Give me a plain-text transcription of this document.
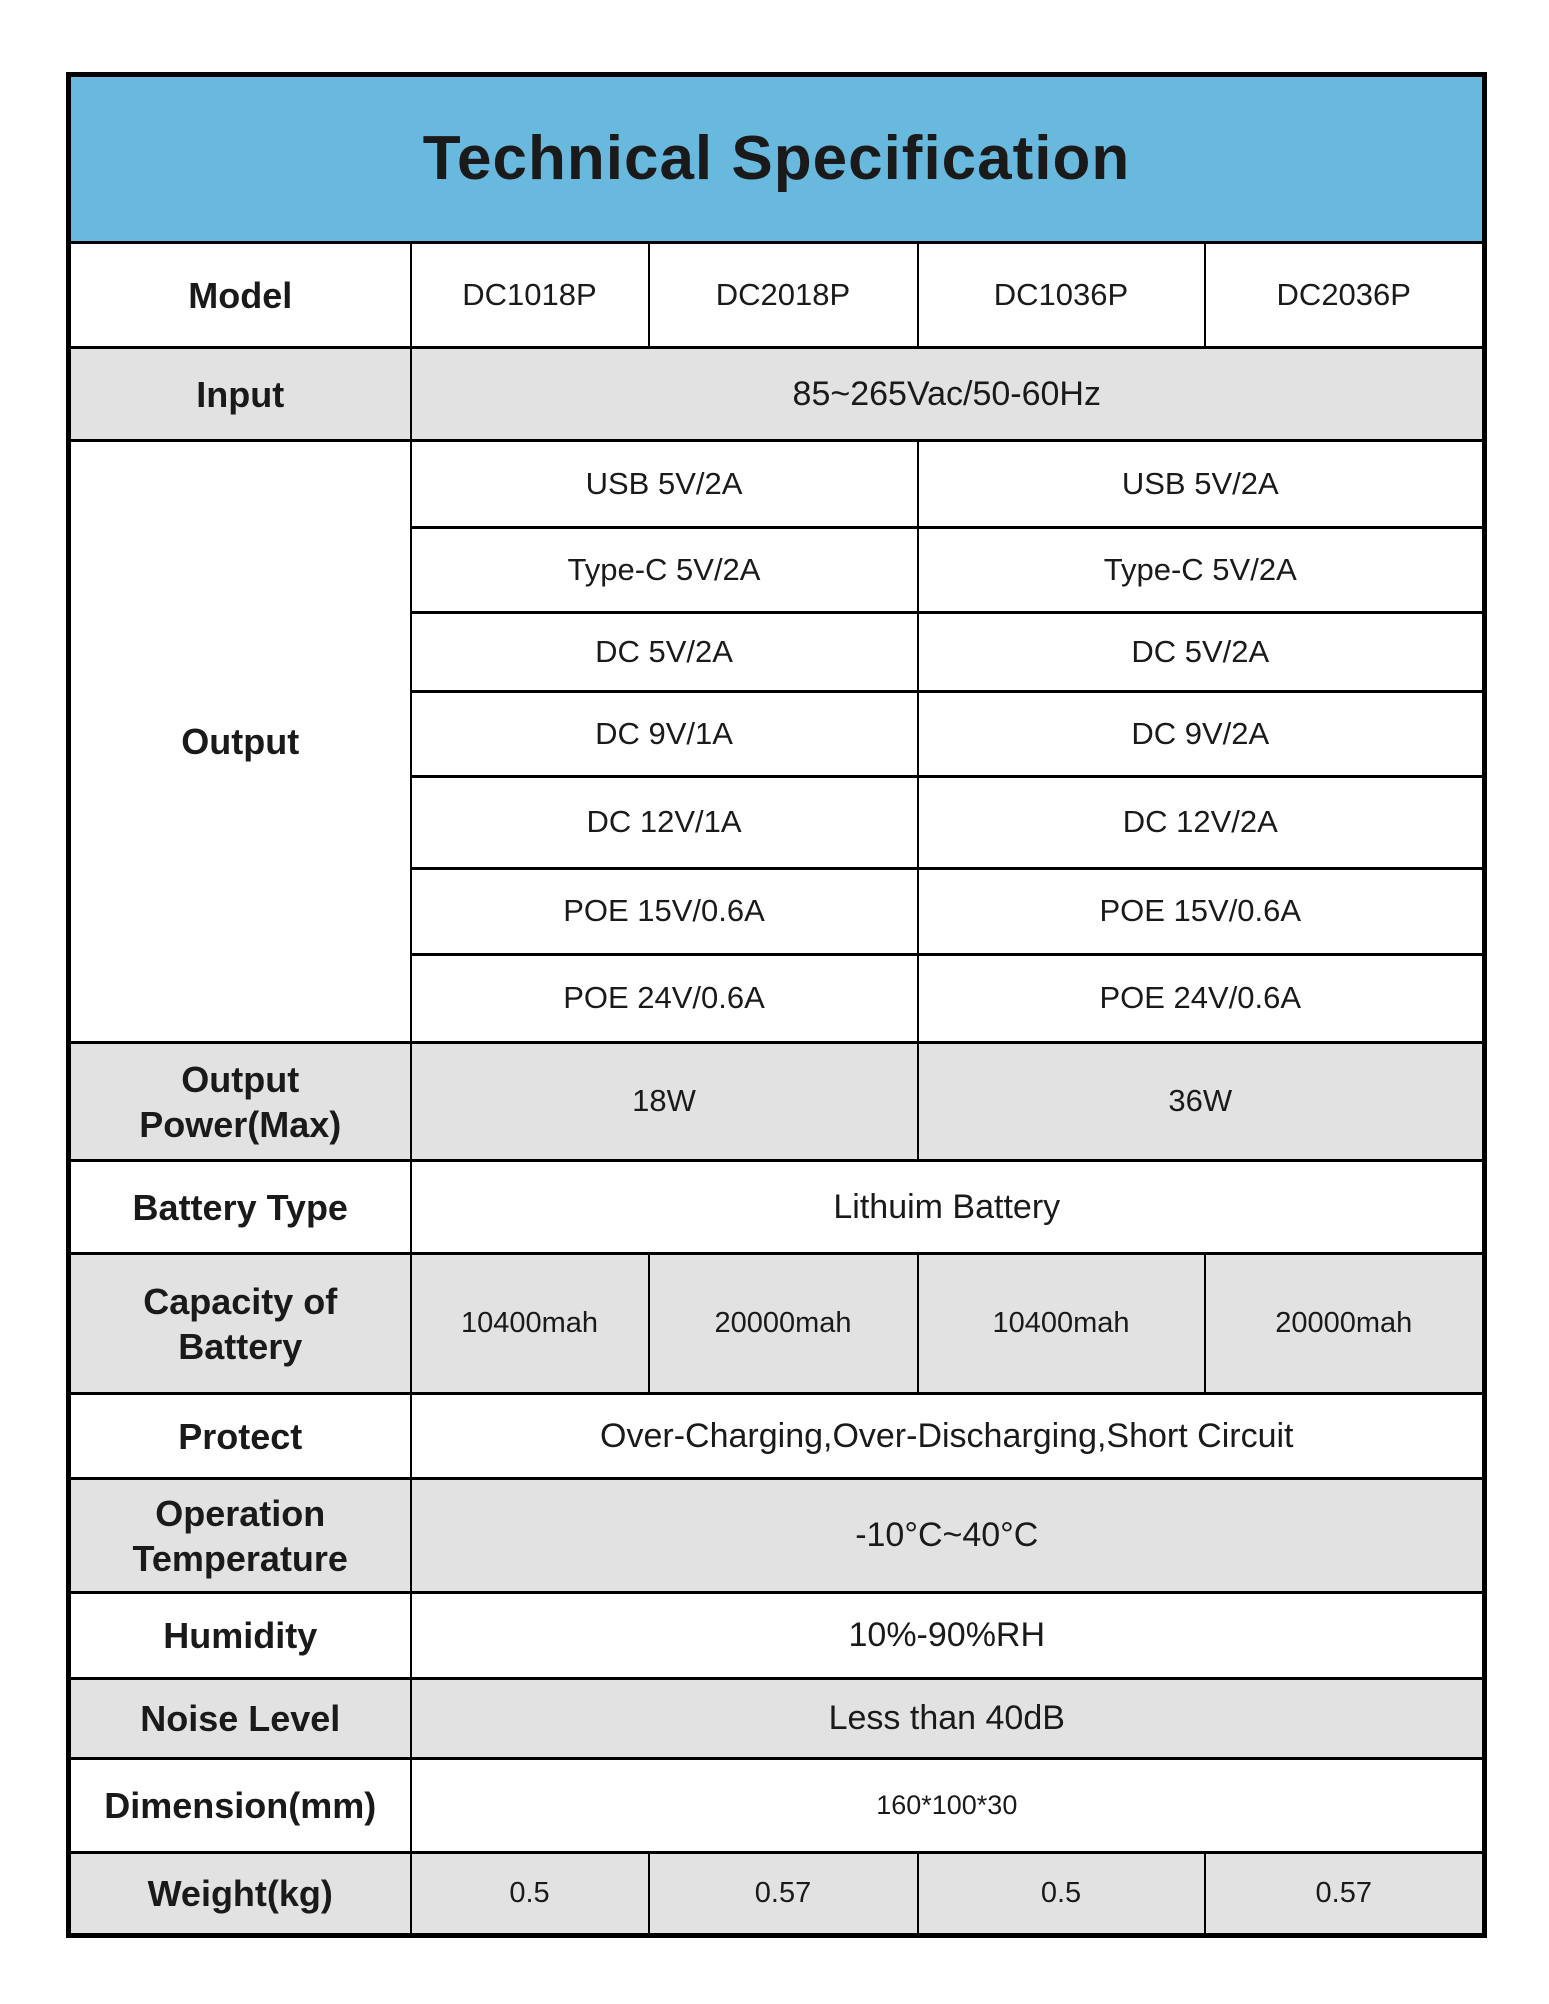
Technical Specification				
Model	DC1018P	DC2018P	DC1036P	DC2036P
Input	85~265Vac/50-60Hz			
Output	USB 5V/2A		USB 5V/2A	
	Type-C 5V/2A		Type-C 5V/2A	
	DC 5V/2A		DC 5V/2A	
	DC 9V/1A		DC 9V/2A	
	DC 12V/1A		DC 12V/2A	
	POE 15V/0.6A		POE 15V/0.6A	
	POE 24V/0.6A		POE 24V/0.6A	
Output Power(Max)	18W		36W	
Battery Type	Lithuim Battery			
Capacity of Battery	10400mah	20000mah	10400mah	20000mah
Protect	Over-Charging,Over-Discharging,Short Circuit			
Operation Temperature	-10°C~40°C			
Humidity	10%-90%RH			
Noise Level	Less than 40dB			
Dimension(mm)	160*100*30			
Weight(kg)	0.5	0.57	0.5	0.57
